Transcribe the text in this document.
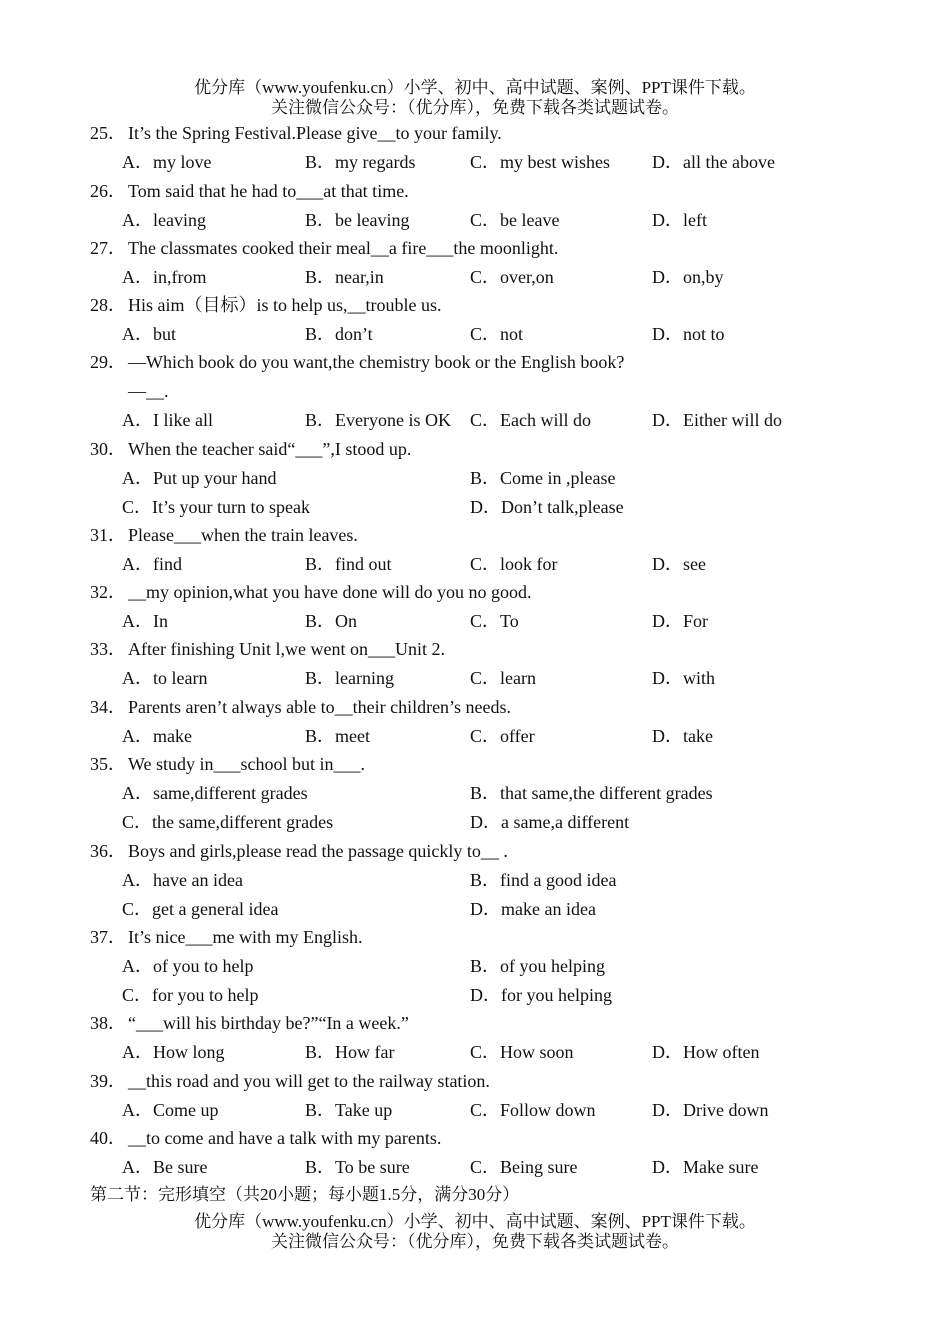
优分库（www.youfenku.cn）小学、初中、高中试题、案例、PPT课件下载。
关注微信公众号：（优分库），免费下载各类试题试卷。
25． It’s the Spring Festival.Please give__to your family.
A．my love	B．my regards	C．my best wishes D．all the above
26． Tom said that he had to___at that time.
A．leaving	B．be leaving	C．be leave	D．left
27． The classmates cooked their meal__a fire___the moonlight.
A．in,from	B．near,in	C．over,on	D．on,by
28． His aim（目标）is to help us,__trouble us.
A．but	B．don’t	C．not	D．not to
29． —Which book do you want,the chemistry book or the English book?
—__.
A．I like all	B．Everyone is OK C．Each will do	D．Either will do
30． When the teacher said“___”,I stood up.
A．Put up your hand	B．Come in ,please
C．It’s your turn to speak	D．Don’t talk,please
31． Please___when the train leaves.
A．find	B．find out	C．look for	D．see
32． __my opinion,what you have done will do you no good.
A．In	B．On	C．To	D．For
33． After finishing Unit l,we went on___Unit 2.
A．to learn	B．learning	C．learn	D．with
34． Parents aren’t always able to__their children’s needs.
A．make	B．meet	C．offer	D．take
35． We study in___school but in___.
A．same,different grades	B．that same,the different grades
C．the same,different grades	D．a same,a different
36． Boys and girls,please read the passage quickly to__ .
A．have an idea	B．find a good idea
C．get a general idea	D．make an idea
37． It’s nice___me with my English.
A．of you to help	B．of you helping
C．for you to help	D．for you helping
38． “___will his birthday be?”“In a week.”
A．How long	B．How far	C．How soon	D．How often
39． __this road and you will get to the railway station.
A．Come up	B．Take up	C．Follow down	D．Drive down
40． __to come and have a talk with my parents.
A．Be sure	B．To be sure	C．Being sure	D．Make sure
第二节：完形填空（共20小题；每小题1.5分，满分30分）
优分库（www.youfenku.cn）小学、初中、高中试题、案例、PPT课件下载。
关注微信公众号：（优分库），免费下载各类试题试卷。
